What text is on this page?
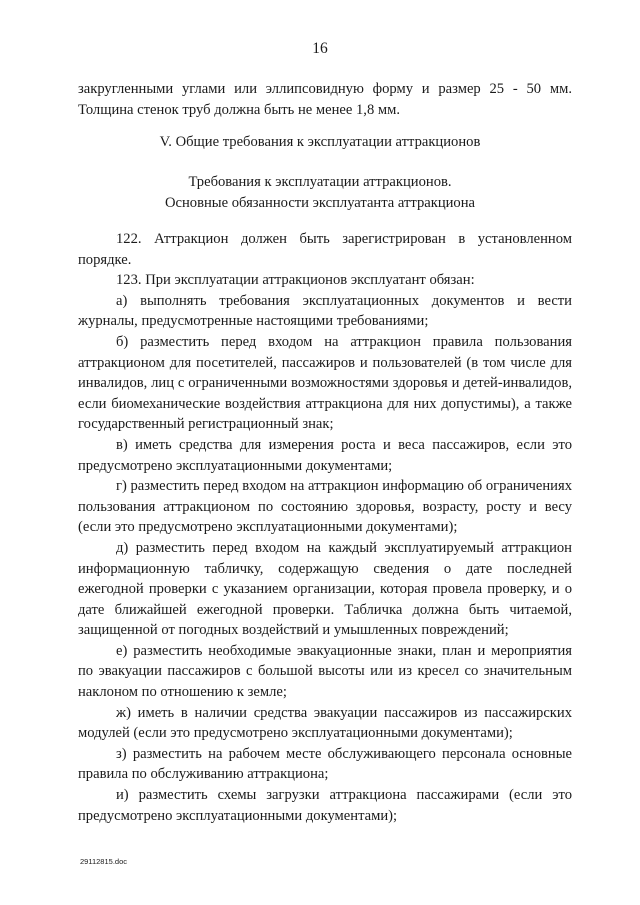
16

закругленными углами или эллипсовидную форму и размер 25 - 50 мм.

Толщина стенок труб должна быть не менее 1,8 мм.

V. Общие требования к эксплуатации аттракционов
Требования к эксплуатации аттракционов.
Основные обязанности эксплуатанта аттракциона

122. Аттракцион должен быть зарегистрирован в установленном порядке.

123. При эксплуатации аттракционов эксплуатант обязан:

а) выполнять требования эксплуатационных документов и вести журналы, предусмотренные настоящими требованиями;

б) разместить перед входом на аттракцион правила пользования аттракционом для посетителей, пассажиров и пользователей (в том числе для инвалидов, лиц с ограниченными возможностями здоровья и детей-инвалидов, если биомеханические воздействия аттракциона для них допустимы), а также государственный регистрационный знак;

в) иметь средства для измерения роста и веса пассажиров, если это предусмотрено эксплуатационными документами;

г) разместить перед входом на аттракцион информацию об ограничениях пользования аттракционом по состоянию здоровья, возрасту, росту и весу (если это предусмотрено эксплуатационными документами);

д) разместить перед входом на каждый эксплуатируемый аттракцион информационную табличку, содержащую сведения о дате последней ежегодной проверки с указанием организации, которая провела проверку, и о дате ближайшей ежегодной проверки. Табличка должна быть читаемой, защищенной от погодных воздействий и умышленных повреждений;

е) разместить необходимые эвакуационные знаки, план и мероприятия по эвакуации пассажиров с большой высоты или из кресел со значительным наклоном по отношению к земле;

ж) иметь в наличии средства эвакуации пассажиров из пассажирских модулей (если это предусмотрено эксплуатационными документами);

з) разместить на рабочем месте обслуживающего персонала основные правила по обслуживанию аттракциона;

и) разместить схемы загрузки аттракциона пассажирами (если это предусмотрено эксплуатационными документами);

29112815.doc
